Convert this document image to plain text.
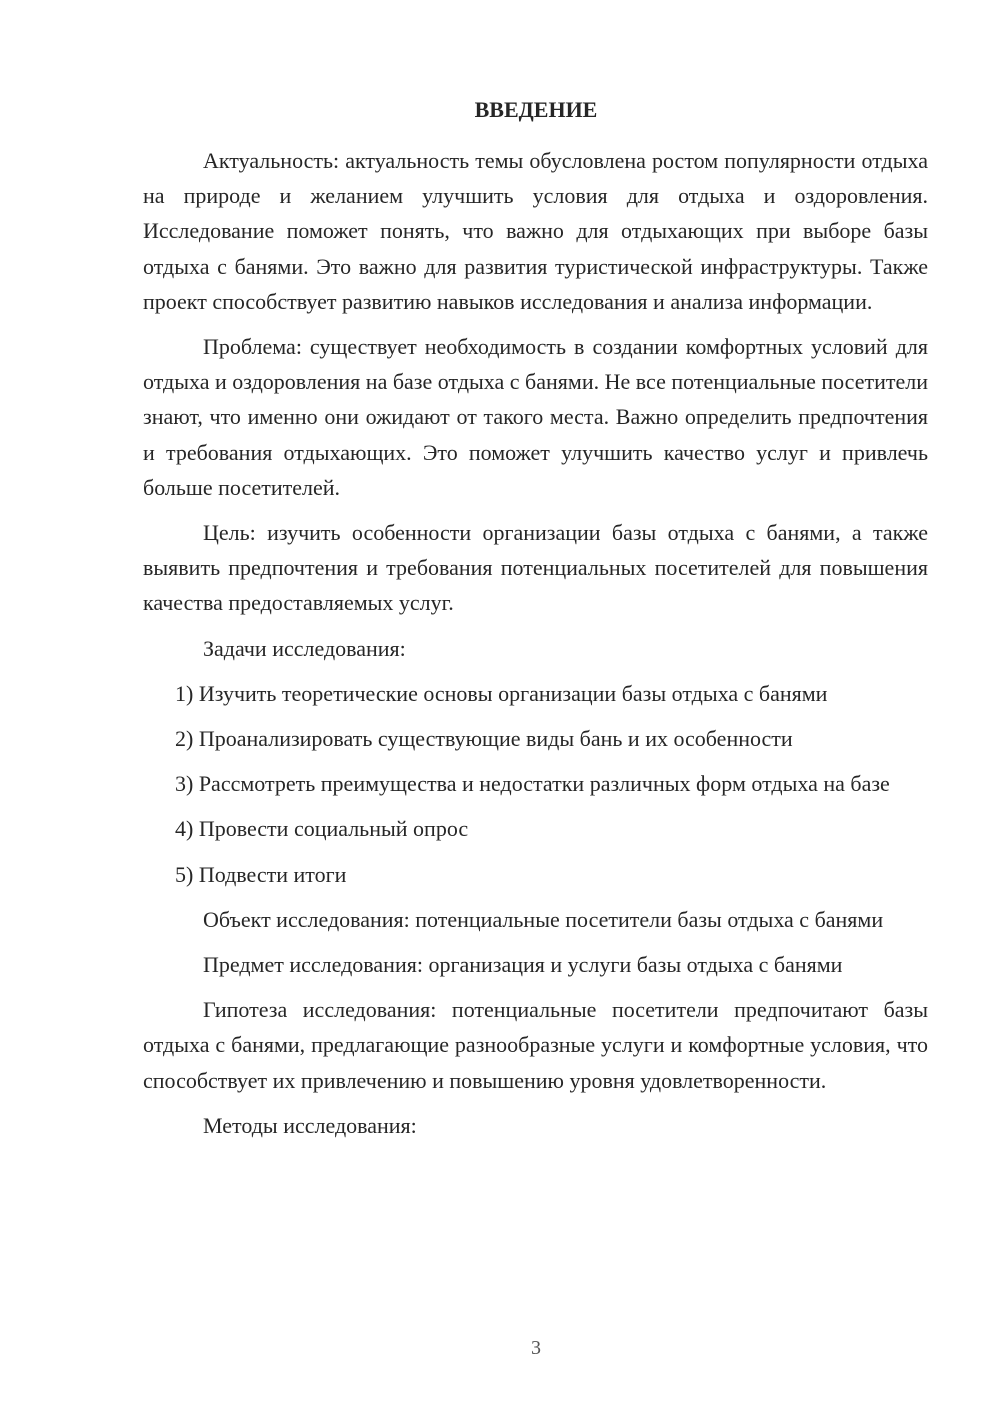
ВВЕДЕНИЕ

Актуальность: актуальность темы обусловлена ростом популярности отдыха на природе и желанием улучшить условия для отдыха и оздоровления. Исследование поможет понять, что важно для отдыхающих при выборе базы отдыха с банями. Это важно для развития туристической инфраструктуры. Также проект способствует развитию навыков исследования и анализа информации.

Проблема: существует необходимость в создании комфортных условий для отдыха и оздоровления на базе отдыха с банями. Не все потенциальные посетители знают, что именно они ожидают от такого места. Важно определить предпочтения и требования отдыхающих. Это поможет улучшить качество услуг и привлечь больше посетителей.

Цель: изучить особенности организации базы отдыха с банями, а также выявить предпочтения и требования потенциальных посетителей для повышения качества предоставляемых услуг.

Задачи исследования:

1) Изучить теоретические основы организации базы отдыха с банями

2) Проанализировать существующие виды бань и их особенности

3) Рассмотреть преимущества и недостатки различных форм отдыха на базе

4) Провести социальный опрос

5) Подвести итоги

Объект исследования: потенциальные посетители базы отдыха с банями

Предмет исследования: организация и услуги базы отдыха с банями

Гипотеза исследования: потенциальные посетители предпочитают базы отдыха с банями, предлагающие разнообразные услуги и комфортные условия, что способствует их привлечению и повышению уровня удовлетворенности.

Методы исследования:

3
